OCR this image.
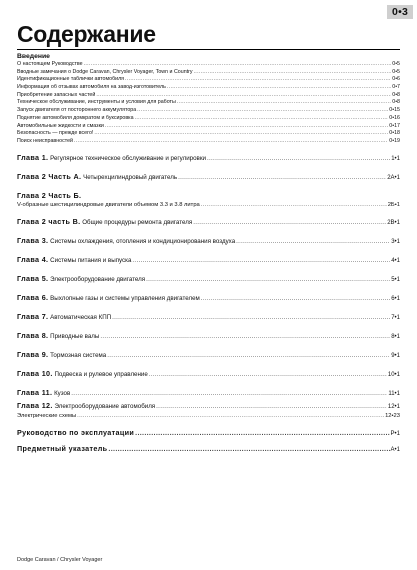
0•3
Содержание
Введение
О настоящем Руководстве .....	0•5
Вводные замечания о Dodge Caravan, Chrysler Voyager, Town и Country .....	0•5
Идентификационные таблички автомобиля .....	0•6
Информация об отзывах автомобиля на завод-изготовитель .....	0•7
Приобретение запасных частей .....	0•8
Техническое обслуживание, инструменты и условия для работы .....	0•8
Запуск двигателя от постороннего аккумулятора .....	0•15
Поднятие автомобиля домкратом и буксировка .....	0•16
Автомобильные жидкости и смазки .....	0•17
Безопасность — прежде всего! .....	0•18
Поиск неисправностей .....	0•19
Глава 1. Регулярное техническое обслуживание и регулировки .....	1•1
Глава 2 Часть А. Четырехцилиндровый двигатель .....	2A•1
Глава 2 Часть Б.
V-образные шестицилиндровые двигатели объемом 3.3 и 3.8 литра .....	2Б•1
Глава 2 часть В. Общие процедуры ремонта двигателя .....	2B•1
Глава 3. Системы охлаждения, отопления и кондиционирования воздуха .....	3•1
Глава 4. Системы питания и выпуска .....	4•1
Глава 5. Электрооборудование двигателя .....	5•1
Глава 6. Выхлопные газы и системы управления двигателем .....	6•1
Глава 7. Автоматическая КПП .....	7•1
Глава 8. Приводные валы .....	8•1
Глава 9. Тормозная система .....	9•1
Глава 10. Подвеска и рулевое управление .....	10•1
Глава 11. Кузов .....	11•1
Глава 12. Электрооборудование автомобиля .....	12•1
Электрические схемы .....	12•23
Руководство по эксплуатации .....	P•1
Предметный указатель .....	A•1
Dodge Caravan / Chrysler Voyager
